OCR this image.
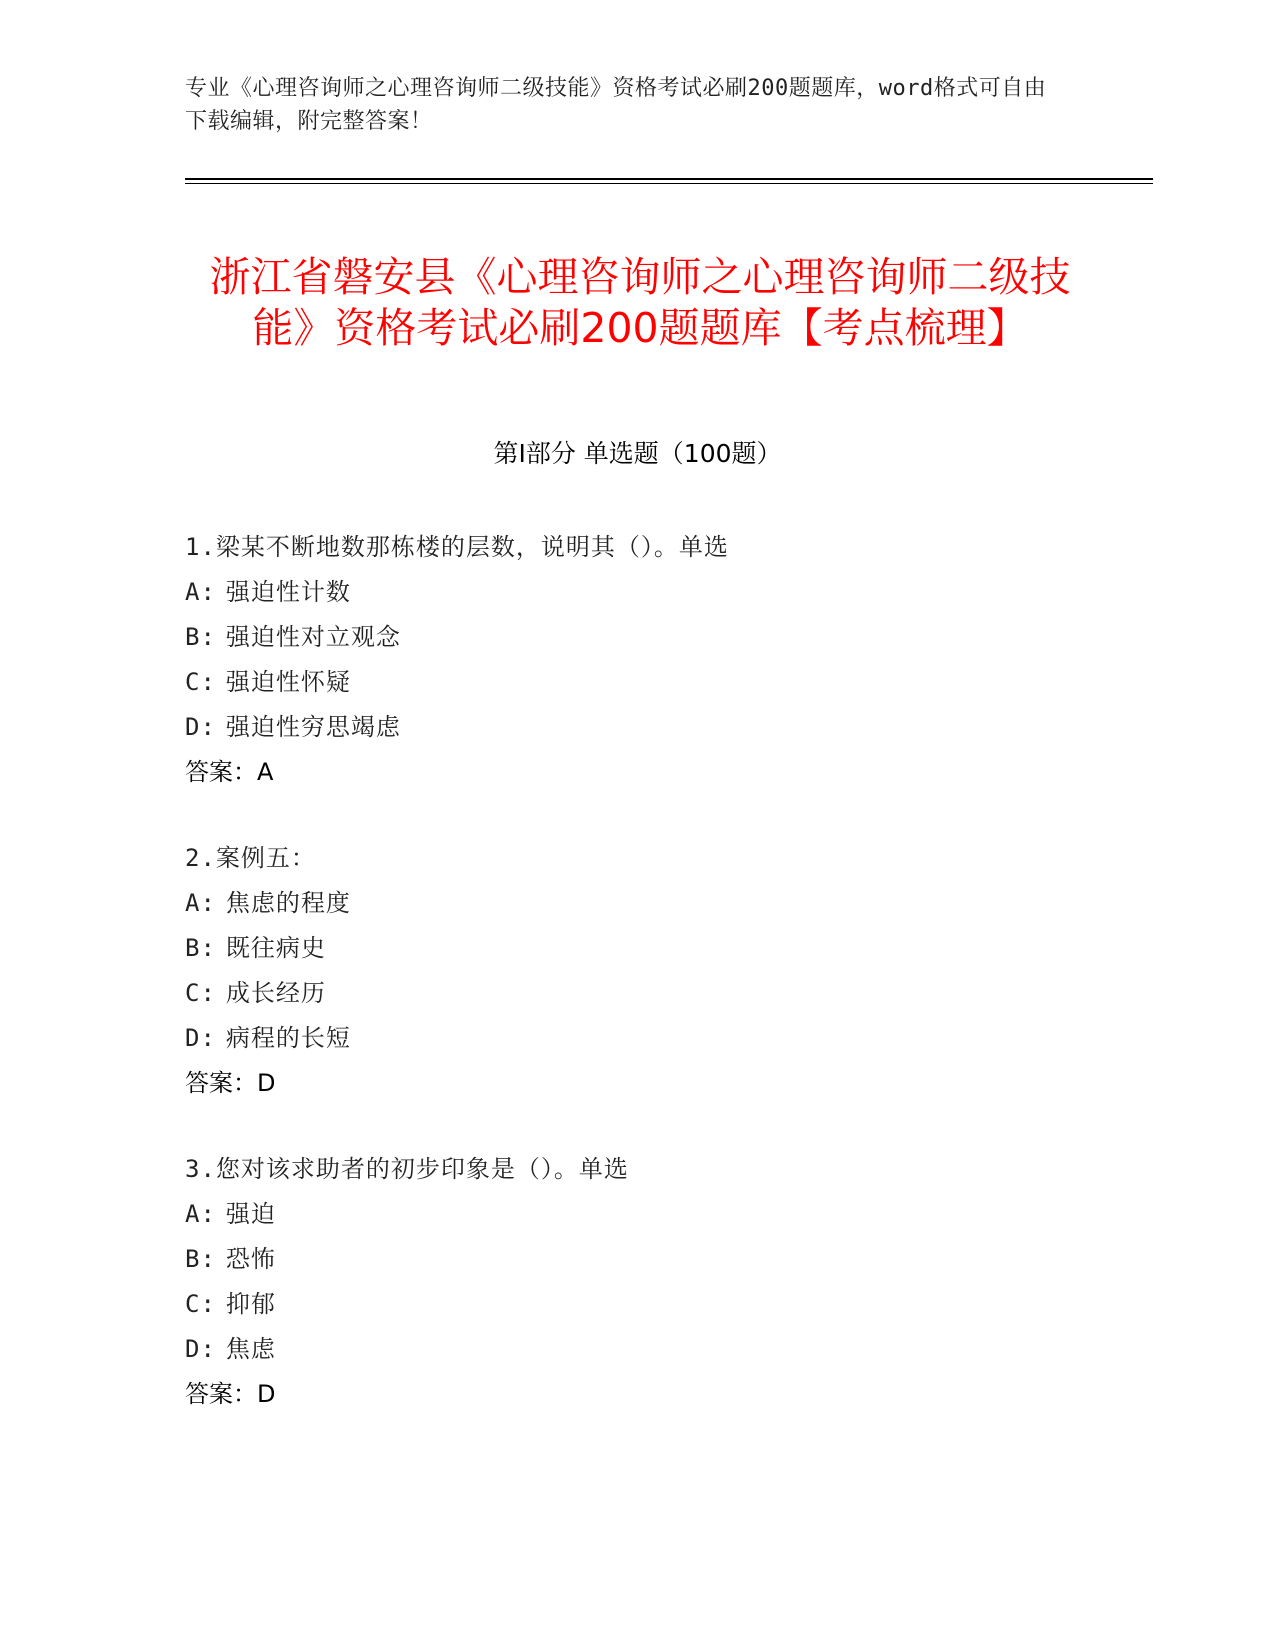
专业《心理咨询师之心理咨询师二级技能》资格考试必刷200题题库，word格式可自由下载编辑，附完整答案！
浙江省磐安县《心理咨询师之心理咨询师二级技能》资格考试必刷200题题库【考点梳理】
第Ⅰ部分 单选题（100题）
1.梁某不断地数那栋楼的层数，说明其（）。单选
A: 强迫性计数
B: 强迫性对立观念
C: 强迫性怀疑
D: 强迫性穷思竭虑
答案：A
2.案例五：
A: 焦虑的程度
B: 既往病史
C: 成长经历
D: 病程的长短
答案：D
3.您对该求助者的初步印象是（）。单选
A: 强迫
B: 恐怖
C: 抑郁
D: 焦虑
答案：D
